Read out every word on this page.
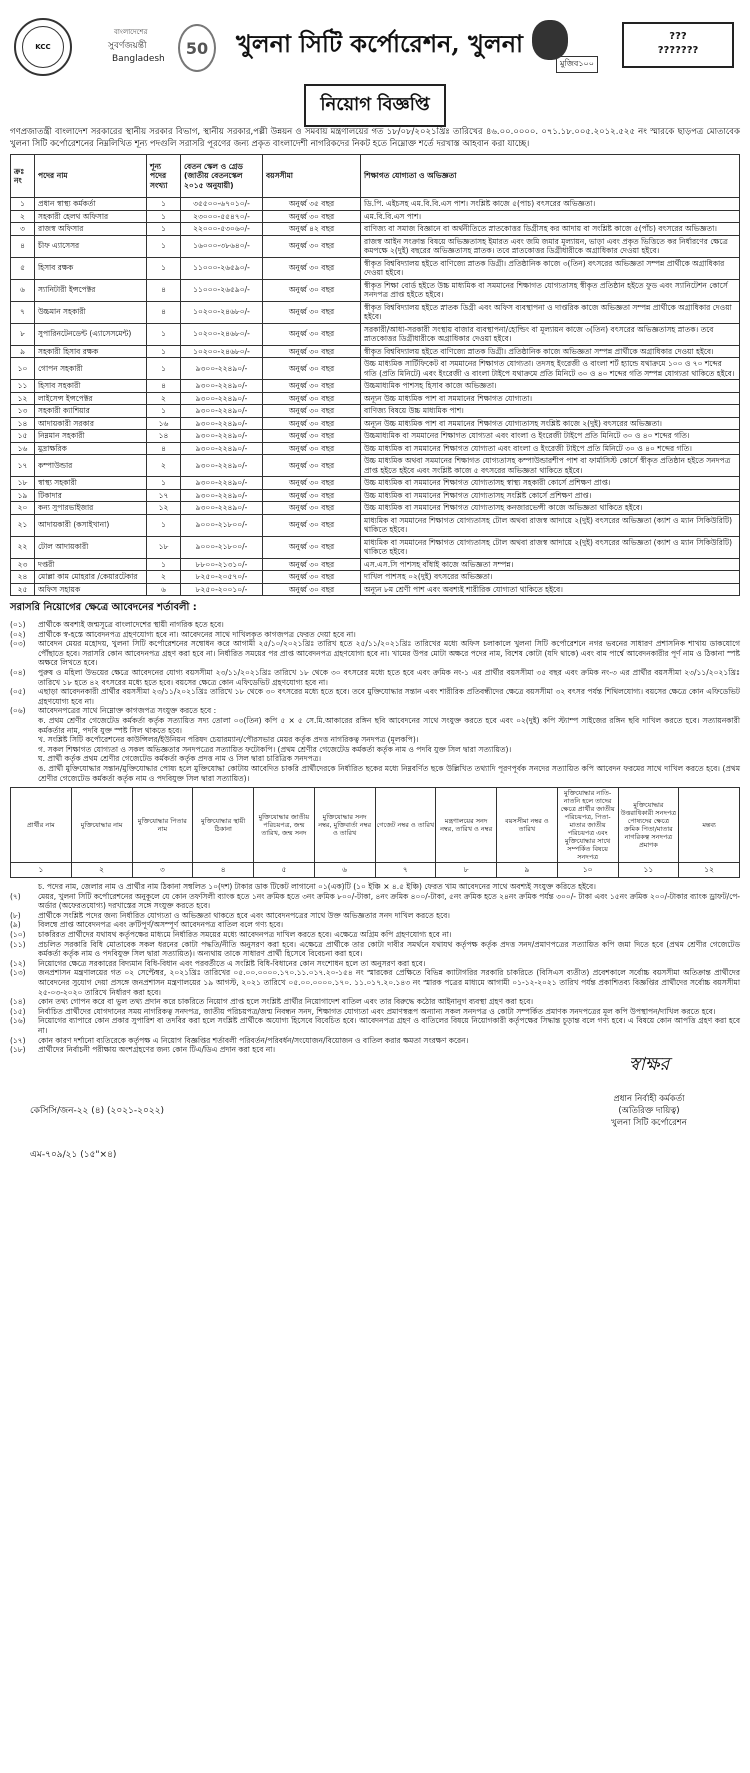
KCC
বাংলাদেশের
সুবর্ণজয়ন্তী
Bangladesh
50	খুলনা সিটি কর্পোরেশন, খুলনা
মুজিব১০০
???
???????
নিয়োগ বিজ্ঞপ্তি
গণপ্রজাতন্ত্রী বাংলাদেশ সরকারের স্থানীয় সরকার বিভাগ, স্থানীয় সরকার,পল্লী উন্নয়ন ও সমবায় মন্ত্রণালয়ের গত ১৮/০৮/২০২১খ্রিঃ তারিখের ৪৬.০০.০০০০. ০৭১.১৮.০০৫.২০১২.৫২৫ নং স্মারকে ছাড়পত্র মোতাবেক খুলনা সিটি কর্পোরেশনের নিম্নলিখিত শূন্য পদগুলি সরাসরি পূরণের জন্য প্রকৃত বাংলাদেশী নাগরিকদের নিকট হতে নিম্নোক্ত শর্তে দরখাস্ত আহবান করা যাচ্ছে।
ক্রঃ নং	পদের নাম	শূন্য পদের সংখ্যা	বেতন স্কেল ও গ্রেড (জাতীয় বেতনস্কেল ২০১৫ অনুযায়ী)	বয়সসীমা	শিক্ষাগত যোগ্যতা ও অভিজ্ঞতা
১	প্রধান স্বাস্থ্য কর্মকর্তা	১	৩৫৫০০-৬৭০১০/-	অনুর্ধ্ব ৩৫ বছর	ডি.পি. এইচসহ এম.বি.বি.এস পাশ। সংশ্লিষ্ট কাজে ৫(পাচ) বৎসরের অভিজ্ঞতা।
২	সহকারী হেলথ অফিসার	১	২৩০০০-৫৫৪৭০/-	অনুর্ধ্ব ৩০ বছর	এম.বি.বি.এস পাশ।
৩	রাজস্ব অফিসার	১	২২০০০-৫৩০৬০/-	অনুর্ধ্ব ৪২ বছর	বাণিজ্য বা সমাজ বিজ্ঞানে বা অর্থনীতিতে স্নাতকোত্তর ডিগ্রীসহ কর আদায় বা সংশ্লিষ্ট কাজে ৫(পাঁচ) বৎসরের অভিজ্ঞতা।
৪	চীফ এ্যাসেসর	১	১৬০০০-৩৮৬৪০/-	অনুর্ধ্ব ৩০ বছর	রাজস্ব আইন সংক্রান্ত বিষয়ে অভিজ্ঞতাসহ ইমারত এবং জমি জমার মূল্যায়ন, ভাড়া এবং প্রকৃত ভিত্তিতে কর নির্ধারণের ক্ষেত্রে কমপক্ষে ২(দুই) বছরের অভিজ্ঞতাসহ স্নাতক। তবে স্নাতকোত্তর ডিগ্রীধারীকে অগ্রাধিকার দেওয়া হইবে।
৫	হিসাব রক্ষক	১	১১০০০-২৬৫৯০/-	অনুর্ধ্ব ৩০ বছর	স্বীকৃত বিশ্ববিদ্যালয় হইতে বাণিজ্যে স্নাতক ডিগ্রী। প্রতিষ্ঠানিক কাজে ৩(তিন) বৎসরের অভিজ্ঞতা সম্পন্ন প্রার্থীকে অগ্রাধিকার দেওয়া হইবে।
৬	স্যানিটারী ইন্সপেক্টর	৪	১১০০০-২৬৫৯০/-	অনুর্ধ্ব ৩০ বছর	স্বীকৃত শিক্ষা বোর্ড হইতে উচ্চ মাধ্যমিক বা সমমানের শিক্ষাগত যোগ্যতাসহ স্বীকৃত প্রতিষ্ঠান হইতে ফুড এবং স্যানিটেশন কোর্সে সনদপত্র প্রাপ্ত হইতে হইবে।
৭	উচ্চমান সহকারী	৪	১০২০০-২৪৬৮০/-	অনুর্ধ্ব ৩০ বছর	স্বীকৃত বিশ্ববিদ্যালয় হইতে স্নাতক ডিগ্রী এবং অফিস ব্যবস্থাপনা ও দাপ্তরিক কাজে অভিজ্ঞতা সম্পন্ন প্রার্থীকে অগ্রাধিকার দেওয়া হইবে।
৮	সুপারিনটেনডেন্ট (এ্যাসেসমেন্ট)	১	১০২০০-২৪৬৮০/-	অনুর্ধ্ব ৩০ বছর	সরকারী/আধা-সরকারী সংস্থায় বাজার ব্যবস্থাপনা/হোল্ডিং বা মূল্যায়ন কাজে ৩(তিন) বৎসরের অভিজ্ঞতাসহ স্নাতক। তবে স্নাতকোত্তর ডিগ্রীধারীকে অগ্রাধিকার দেওয়া হইবে।
৯	সহকারী হিসাব রক্ষক	১	১০২০০-২৪৬৮০/-	অনুর্ধ্ব ৩০ বছর	স্বীকৃত বিশ্ববিদ্যালয় হইতে বাণিজ্যে স্নাতক ডিগ্রী। প্রতিষ্ঠানিক কাজে অভিজ্ঞতা সম্পন্ন প্রার্থীকে অগ্রাধিকার দেওয়া হইবে।
১০	গোপন সহকারী	১	৯৩০০-২২৪৯০/-	অনুর্ধ্ব ৩০ বছর	উচ্চ মাধ্যমিক সার্টিফিকেট বা সমমানের শিক্ষাগত যোগ্যতা। তদসহ ইংরেজী ও বাংলা শর্ট হ্যান্ডে যথাক্রমে ১০০ ও ৭০ শব্দের গতি (প্রতি মিনিটে) এবং ইংরেজী ও বাংলা টাইপে যথাক্রমে প্রতি মিনিটে ৩০ ও ৪০ শব্দের গতি সম্পন্ন যোগ্যতা থাকিতে হইবে।
১১	হিসাব সহকারী	৪	৯৩০০-২২৪৯০/-	অনুর্ধ্ব ৩০ বছর	উচ্চমাধ্যমিক পাশসহ হিসাব কাজে অভিজ্ঞতা।
১২	লাইসেন্স ইন্সপেক্টর	২	৯৩০০-২২৪৯০/-	অনুর্ধ্ব ৩০ বছর	অন্যূন উচ্চ মাধ্যমিক পাশ বা সমমানের শিক্ষাগত যোগ্যতা।
১৩	সহকারী ক্যাশিয়ার	১	৯৩০০-২২৪৯০/-	অনুর্ধ্ব ৩০ বছর	বাণিজ্য বিষয়ে উচ্চ মাধ্যমিক পাশ।
১৪	আদায়কারী সরকার	১৬	৯৩০০-২২৪৯০/-	অনুর্ধ্ব ৩০ বছর	অন্যূন উচ্চ মাধ্যমিক পাশ বা সমমানের শিক্ষাগত যোগ্যতাসহ সংশ্লিষ্ট কাজে ২(দুই) বৎসরের অভিজ্ঞতা।
১৫	নিম্নমান সহকারী	১৪	৯৩০০-২২৪৯০/-	অনুর্ধ্ব ৩০ বছর	উচ্চমাধ্যমিক বা সমমানের শিক্ষাগত যোগ্যতা এবং বাংলা ও ইংরেজী টাইপে প্রতি মিনিটে ৩০ ও ৪০ শব্দের গতি।
১৬	মুদ্রাক্ষরিক	৪	৯৩০০-২২৪৯০/-	অনুর্ধ্ব ৩০ বছর	উচ্চ মাধ্যমিক বা সমমানের শিক্ষাগত যোগ্যতা এবং বাংলা ও ইংরেজী টাইপে প্রতি মিনিটে ৩০ ও ৪০ শব্দের গতি।
১৭	কম্পাউন্ডার	২	৯৩০০-২২৪৯০/-	অনুর্ধ্ব ৩০ বছর	উচ্চ মাধ্যমিক অথবা সমমানের শিক্ষাগত যোগ্যতাসহ কম্পাউন্ডারশীপ পাশ বা ফার্মাসিস্ট কোর্সে স্বীকৃত প্রতিষ্ঠান হইতে সনদপত্র প্রাপ্ত হইতে হইবে এবং সংশ্লিষ্ট কাজে ৫ বৎসরের অভিজ্ঞতা থাকিতে হইবে।
১৮	স্বাস্থ্য সহকারী	১	৯৩০০-২২৪৯০/-	অনুর্ধ্ব ৩০ বছর	উচ্চ মাধ্যমিক বা সমমানের শিক্ষাগত যোগ্যতাসহ স্বাস্থ্য সহকারী কোর্সে প্রশিক্ষণ প্রাপ্ত।
১৯	টিকাদার	১৭	৯৩০০-২২৪৯০/-	অনুর্ধ্ব ৩০ বছর	উচ্চ মাধ্যমিক বা সমমানের শিক্ষাগত যোগ্যতাসহ সংশ্লিষ্ট কোর্সে প্রশিক্ষণ প্রাপ্ত।
২০	কন্য সুপারভাইজার	১২	৯৩০০-২২৪৯০/-	অনুর্ধ্ব ৩০ বছর	উচ্চ মাধ্যমিক বা সমমানের শিক্ষাগত যোগ্যতাসহ কনজারভেন্সী কাজে অভিজ্ঞতা থাকিতে হইবে।
২১	আদায়কারী (কসাইখানা)	১	৯০০০-২১৮০০/-	অনুর্ধ্ব ৩০ বছর	মাধ্যমিক বা সমমানের শিক্ষাগত যোগ্যতাসহ টোল অথবা রাজস্ব আদায়ে ২(দুই) বৎসরের অভিজ্ঞতা (ক্যাশ ও ম্যান সিকিউরিটি) থাকিতে হইবে।
২২	টোল আদায়কারী	১৮	৯০০০-২১৮০০/-	অনুর্ধ্ব ৩০ বছর	মাধ্যমিক বা সমমানের শিক্ষাগত যোগ্যতাসহ টোল অথবা রাজস্ব আদায়ে ২(দুই) বৎসরের অভিজ্ঞতা (ক্যাশ ও ম্যান সিকিউরিটি) থাকিতে হইবে।
২৩	দপ্তরী	১	৮৮০০-২১৩১০/-	অনুর্ধ্ব ৩০ বছর	এস.এস.সি পাশসহ বাঁধাই কাজে অভিজ্ঞতা সম্পন্ন।
২৪	মোল্লা কাম মোহরার /কেয়ারটেকার	২	৮২৫০-২০৫৭০/-	অনুর্ধ্ব ৩০ বছর	দাখিল পাশসহ ০২(দুই) বৎসরের অভিজ্ঞতা।
২৫	অফিস সহায়ক	৬	৮২৫০-২০০১০/-	অনুর্ধ্ব ৩০ বছর	অন্যূন ৮ম শ্রেণী পাশ এবং অবশ্যই শারীরিক যোগ্যতা থাকিতে হইবে।
সরাসরি নিয়োগের ক্ষেত্রে আবেদনের শর্তাবলী :
(০১)	প্রার্থীকে অবশ্যই জন্মসূত্রে বাংলাদেশের স্থায়ী নাগরিক হতে হবে।
(০২)	প্রার্থীকে স্ব-হস্তে আবেদনপত্র গ্রহণযোগ্য হবে না। আবেদনের সাথে দাখিলকৃত কাগজপত্র ফেরত দেয়া হবে না।
(০৩)	আবেদন মেয়র মহোদয়, খুলনা সিটি কর্পোরেশনের সম্বোধন করে আগামী ২৫/১০/২০২১খ্রিঃ তারিখ হতে ২৫/১১/২০২১খ্রিঃ তারিখের মধ্যে অফিস চলাকালে খুলনা সিটি কর্পোরেশনে নগর ভবনের সাধারণ প্রশাসনিক শাখায় ডাকযোগে পৌঁছাতে হবে। সরাসরি কোন আবেদনপত্র গ্রহণ করা হবে না। নির্ধারিত সময়ের পর প্রাপ্ত আবেদনপত্র গ্রহণযোগ্য হবে না। খামের উপর মোটা অক্ষরে পদের নাম, বিশেষ কোটা (যদি থাকে) এবং বাম পার্শ্বে আবেদনকারীর পূর্ণ নাম ও ঠিকানা স্পষ্ট অক্ষরে লিখতে হবে।
(০৪)	পুরুষ ও মহিলা উভয়ের ক্ষেত্রে আবেদনের যোগ্য বয়সসীমা ২৩/১১/২০২১খ্রিঃ তারিখে ১৮ থেকে ৩০ বৎসরের মধ্যে হতে হবে এবং ক্রমিক নং-১ এর প্রার্থীর বয়সসীমা ৩৫ বছর এবং ক্রমিক নং-৩ এর প্রার্থীর বয়সসীমা ২৩/১১/২০২১খ্রিঃ তারিখে ১৮ হতে ৪২ বৎসরের মধ্যে হতে হবে। বয়সের ক্ষেত্রে কোন এফিডেভিট গ্রহণযোগ্য হবে না।
(০৫)	এছাড়া আবেদনকারী প্রার্থীর বয়সসীমা ২৩/১১/২০২১খ্রিঃ তারিখে ১৮ থেকে ৩০ বৎসরের মধ্যে হতে হবে। তবে মুক্তিযোদ্ধার সন্তান এবং শারীরিক প্রতিবন্ধীদের ক্ষেত্রে বয়সসীমা ৩২ বৎসর পর্যন্ত শিথিলযোগ্য। বয়সের ক্ষেত্রে কোন এফিডেভিট গ্রহণযোগ্য হবে না।
(০৬)	আবেদনপত্রের সাথে নিম্নোক্ত কাগজপত্র সংযুক্ত করতে হবে :
ক. প্রথম শ্রেণীর গেজেটেড কর্মকর্তা কর্তৃক সত্যায়িত সদ্য তোলা ০৩(তিন) কপি ৫ × ৫ সে.মি.আকারের রঙ্গিন ছবি আবেদনের সাথে সংযুক্ত করতে হবে এবং ০২(দুই) কপি স্ট্যাম্প সাইজের রঙ্গিন ছবি দাখিল করতে হবে। সত্যায়নকারী কর্মকর্তার নাম, পদবি যুক্ত স্পষ্ট সিল থাকতে হবে।
খ. সংশ্লিষ্ট সিটি কর্পোরেশনের কাউন্সিলর/ইউনিয়ন পরিষদ চেয়ারম্যান/পৌরসভার মেয়র কর্তৃক প্রদত্ত নাগরিকত্ব সনদপত্র (মূলকপি)।
গ. সকল শিক্ষাগত যোগ্যতা ও সকল অভিজ্ঞতার সনদপত্রের সত্যায়িত ফটোকপি। (প্রথম শ্রেণীর গেজেটেড কর্মকর্তা কর্তৃক নাম ও পদবি যুক্ত সিল দ্বারা সত্যায়িত)।
ঘ. প্রার্থী কর্তৃক প্রথম শ্রেণীর গেজেটেড কর্মকর্তা কর্তৃক প্রদত্ত নাম ও সিল দ্বারা চারিত্রিক সনদপত্র।
ঙ. প্রার্থী মুক্তিযোদ্ধার সন্তান/মুক্তিযোদ্ধার পোষ্য হলে মুক্তিযোদ্ধা কোটায় আবেদিত চাকরি প্রার্থীদেরকে নির্ধারিত ছকের মধ্যে নিম্নবর্ণিত ছকে উল্লিখিত তথ্যাদি পূরণপূর্বক সনদের সত্যায়িত কপি আবেদন ফরমের সাথে দাখিল করতে হবে। (প্রথম শ্রেণীর গেজেটেড কর্মকর্তা কর্তৃক নাম ও পদবিযুক্ত সিল দ্বারা সত্যায়িত)।
প্রার্থীর নাম	মুক্তিযোদ্ধার নাম	মুক্তিযোদ্ধার পিতার নাম	মুক্তিযোদ্ধার স্থায়ী ঠিকানা	মুক্তিযোদ্ধার জাতীয় পরিচয়পত্র, জন্ম তারিখ, জন্ম সনদ	মুক্তিযোদ্ধার সনদ নম্বর, মুক্তিবার্তা নম্বর ও তারিখ	গেজেট নম্বর ও তারিখ	মন্ত্রণালয়ের সনদ নম্বর, তারিখ ও নম্বর	বয়সসীমা নম্বর ও তারিখ	মুক্তিযোদ্ধার নাতি-নাতনি হলে তাদের ক্ষেত্রে প্রার্থীর জাতীয় পরিচয়পত্র, পিতা-মাতার জাতীয় পরিচয়পত্র এবং মুক্তিযোদ্ধার সাথে সম্পর্কিত বিষয়ে সনদপত্র	মুক্তিযোদ্ধার উত্তরাধিকারী সনদপত্র পোষ্যদের ক্ষেত্রে ক্রমিক পিতা/মাতার নাগরিকত্ব সনদপত্র প্রমাণক	মন্তব্য
১	২	৩	৪	৫	৬	৭	৮	৯	১০	১১	১২
চ. পদের নাম, জেলার নাম ও প্রার্থীর নাম ঠিকানা সম্বলিত ১০(দশ) টাকার ডাক টিকেট লাগানো ০১(এক)টি (১০ ইঞ্চি × ৪.৫ ইঞ্চি) ফেরত খাম আবেদনের সাথে অবশ্যই সংযুক্ত করিতে হইবে।
(৭)	মেয়র, খুলনা সিটি কর্পোরেশনের অনুকূলে যে কোন তফসিলী ব্যাংক হতে ১নং ক্রমিক হতে ৩নং ক্রমিক ৮০০/-টাকা, ৪নং ক্রমিক ৪০০/-টাকা, ৫নং ক্রমিক হতে ২৪নং ক্রমিক পর্যন্ত ৩০০/- টাকা এবং ১৫নং ক্রমিক ২০০/-টাকার ব্যাংক ড্রাফট/পে-অর্ডার (অফেরতযোগ্য) দরখাস্তের সঙ্গে সংযুক্ত করতে হবে।
(৮)	প্রার্থীকে সংশ্লিষ্ট পদের জন্য নির্ধারিত যোগ্যতা ও অভিজ্ঞতা থাকতে হবে এবং আবেদনপত্রের সাথে উক্ত অভিজ্ঞতার সনদ দাখিল করতে হবে।
(৯)	বিলম্বে প্রাপ্ত আবেদনপত্র এবং ক্রটিপূর্ণ/অসম্পূর্ণ আবেদনপত্র বাতিল বলে গণ্য হবে।
(১০)	চাকরিরত প্রার্থীদের যথাযথ কর্তৃপক্ষের মাধ্যমে নির্ধারিত সময়ের মধ্যে আবেদনপত্র দাখিল করতে হবে। এক্ষেত্রে অগ্রিম কপি গ্রহণযোগ্য হবে না।
(১১)	প্রচলিত সরকারি বিধি মোতাবেক সকল ধরনের কোটা পদ্ধতি/নীতি অনুসরণ করা হবে। এক্ষেত্রে প্রার্থীকে তার কোটা দাবীর সমর্থনে যথাযথ কর্তৃপক্ষ কর্তৃক প্রদত্ত সনদ/প্রমাণপত্রের সত্যায়িত কপি জমা দিতে হবে (প্রথম শ্রেণীর গেজেটেড কর্মকর্তা কর্তৃক নাম ও পদবিযুক্ত সিল দ্বারা সত্যায়িত)। অন্যথায় তাকে সাধারণ প্রার্থী হিসেবে বিবেচনা করা হবে।
(১২)	নিয়োগের ক্ষেত্রে সরকারের বিদ্যমান বিধি-বিধান এবং পরবর্তীতে এ সংশ্লিষ্ট বিধি-বিধানের কোন সংশোধন হলে তা অনুসরণ করা হবে।
(১৩)	জনপ্রশাসন মন্ত্রণালয়ের গত ০২ সেপ্টেম্বর, ২০২১খ্রিঃ তারিখের ০৫.০০.০০০০.১৭০.১১.০১৭.২০-১৫৪ নং স্মারকের প্রেক্ষিতে বিভিন্ন ক্যাটাগরির সরকারি চাকরিতে (বিসিএস ব্যতীত) প্রবেশকালে সর্বোচ্চ বয়সসীমা অতিক্রান্ত প্রার্থীদের আবেদনের সুযোগ দেয়া প্রসঙ্গে জনপ্রশাসন মন্ত্রণালয়ের ১৯ আগস্ট, ২০২১ তারিখে ০৫.০০.০০০০.১৭০. ১১.০১৭.২০.১৪৩ নং স্মারক পত্রের মাধ্যমে আগামী ০১-১২-২০২১ তারিখ পর্যন্ত প্রকাশিতব্য বিজ্ঞপ্তির প্রার্থীদের সর্বোচ্চ বয়সসীমা ২৫-০৩-২০২০ তারিখে নির্ধারণ করা হবে।
(১৪)	কোন তথ্য গোপন করে বা ভুল তথ্য প্রদান করে চাকরিতে নিয়োগ প্রাপ্ত হলে সংশ্লিষ্ট প্রার্থীর নিয়োগাদেশ বাতিল এবং তার বিরুদ্ধে কঠোর আইনানুগ ব্যবস্থা গ্রহণ করা হবে।
(১৫)	নির্বাচিত প্রার্থীদের যোগদানের সময় নাগরিকত্ব সনদপত্র, জাতীয় পরিচয়পত্র/জন্ম নিবন্ধন সনদ, শিক্ষাগত যোগ্যতা এবং প্রমাণস্বরূপ অন্যান্য সকল সনদপত্র ও কোটা সম্পর্কিত প্রমাণক সনদপত্রের মূল কপি উপস্থাপন/দাখিল করতে হবে।
(১৬)	নিয়োগের ব্যাপারে কোন প্রকার সুপারিশ বা তদবির করা হলে সংশ্লিষ্ট প্রার্থীকে অযোগ্য হিসেবে বিবেচিত হবে। আবেদনপত্র গ্রহণ ও বাতিলের বিষয়ে নিয়োগকারী কর্তৃপক্ষের সিদ্ধান্ত চূড়ান্ত বলে গণ্য হবে। এ বিষয়ে কোন আপত্তি গ্রহণ করা হবে না।
(১৭)	কোন কারণ দর্শানো ব্যতিরেকে কর্তৃপক্ষ এ নিয়োগ বিজ্ঞপ্তির শর্তাবলী পরিবর্তন/পরিবর্ধন/সংযোজন/বিয়োজন ও বাতিল করার ক্ষমতা সংরক্ষণ করেন।
(১৮)	প্রার্থীদের নির্বাচনী পরীক্ষায় অংশগ্রহণের জন্য কোন টিএ/ডিএ প্রদান করা হবে না।
স্বাক্ষর
প্রধান নির্বাহী কর্মকর্তা
(অতিরিক্ত দায়িত্ব)
খুলনা সিটি কর্পোরেশন
কেসিসি/জন-২২ (৪) (২০২১-২০২২)
এম-৭০৯/২১ (১৫"×৪)
